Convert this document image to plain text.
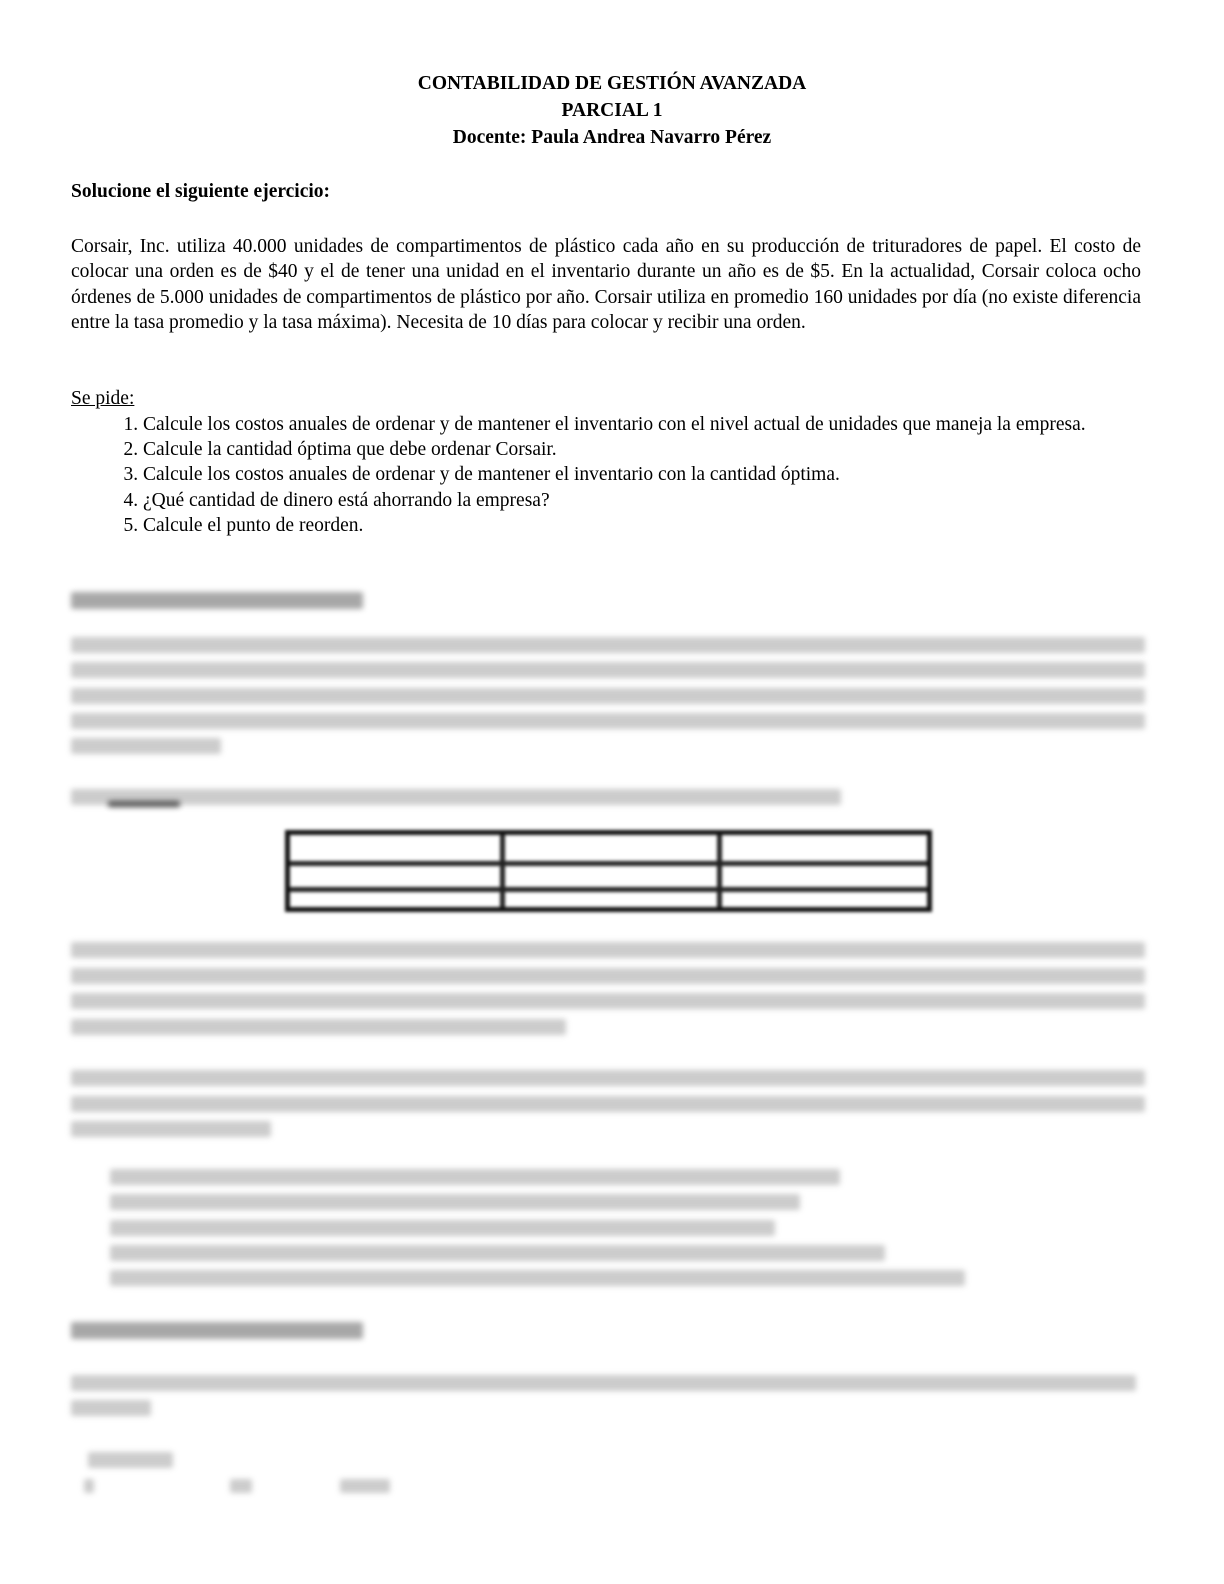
CONTABILIDAD DE GESTIÓN AVANZADA
PARCIAL 1
Docente: Paula Andrea Navarro Pérez
Solucione el siguiente ejercicio:
Corsair, Inc. utiliza 40.000 unidades de compartimentos de plástico cada año en su producción de trituradores de papel. El costo de colocar una orden es de $40 y el de tener una unidad en el inventario durante un año es de $5. En la actualidad, Corsair coloca ocho órdenes de 5.000 unidades de compartimentos de plástico por año. Corsair utiliza en promedio 160 unidades por día (no existe diferencia entre la tasa promedio y la tasa máxima). Necesita de 10 días para colocar y recibir una orden.
Se pide:
1. Calcule los costos anuales de ordenar y de mantener el inventario con el nivel actual de unidades que maneja la empresa.
2. Calcule la cantidad óptima que debe ordenar Corsair.
3. Calcule los costos anuales de ordenar y de mantener el inventario con la cantidad óptima.
4. ¿Qué cantidad de dinero está ahorrando la empresa?
5. Calcule el punto de reorden.
